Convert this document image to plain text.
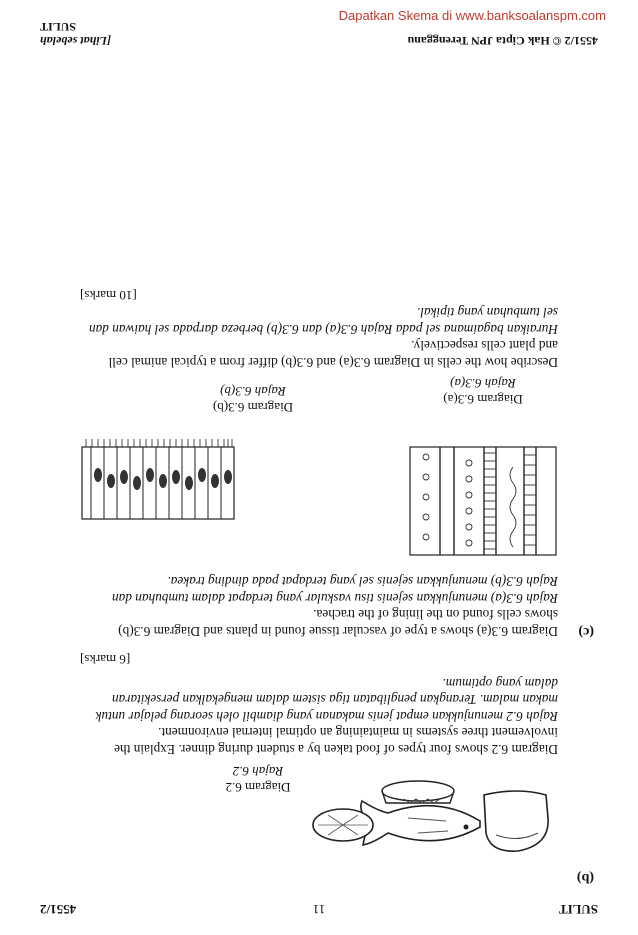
Dapatkan Skema di www.banksoalanspm.com
SULIT
11
4551/2
(b)
Diagram 6.2
Rajah 6.2
Diagram 6.2 shows four types of food taken by a student during dinner. Explain the involvement three systems in maintaining an optimal internal environment.
Rajah 6.2 menunjukkan empat jenis makanan yang diambil oleh seorang pelajar untuk makan malam. Terangkan penglibatan tiga sistem dalam mengekalkan persekitaran dalam yang optimum.
[6 marks]
(c)
Diagram 6.3(a) shows a type of vascular tissue found in plants and Diagram 6.3(b) shows cells found on the lining of the trachea.
Rajah 6.3(a) menunjukkan sejenis tisu vaskular yang terdapat dalam tumbuhan dan Rajah 6.3(b) menunjukkan sejenis sel yang terdapat pada dinding trakea.
Diagram 6.3(a)
Rajah 6.3(a)
Diagram 6.3(b)
Rajah 6.3(b)
Describe how the cells in Diagram 6.3(a) and 6.3(b) differ from a typical animal cell and plant cells respectively.
Huraikan bagaimana sel pada Rajah 6.3(a) dan 6.3(b) berbeza darpada sel haiwan dan sel tumbuhan yang tipikal.
[10 marks]
4551/2 © Hak Cipta JPN Terengganu
[Lihat sebelah
SULIT
